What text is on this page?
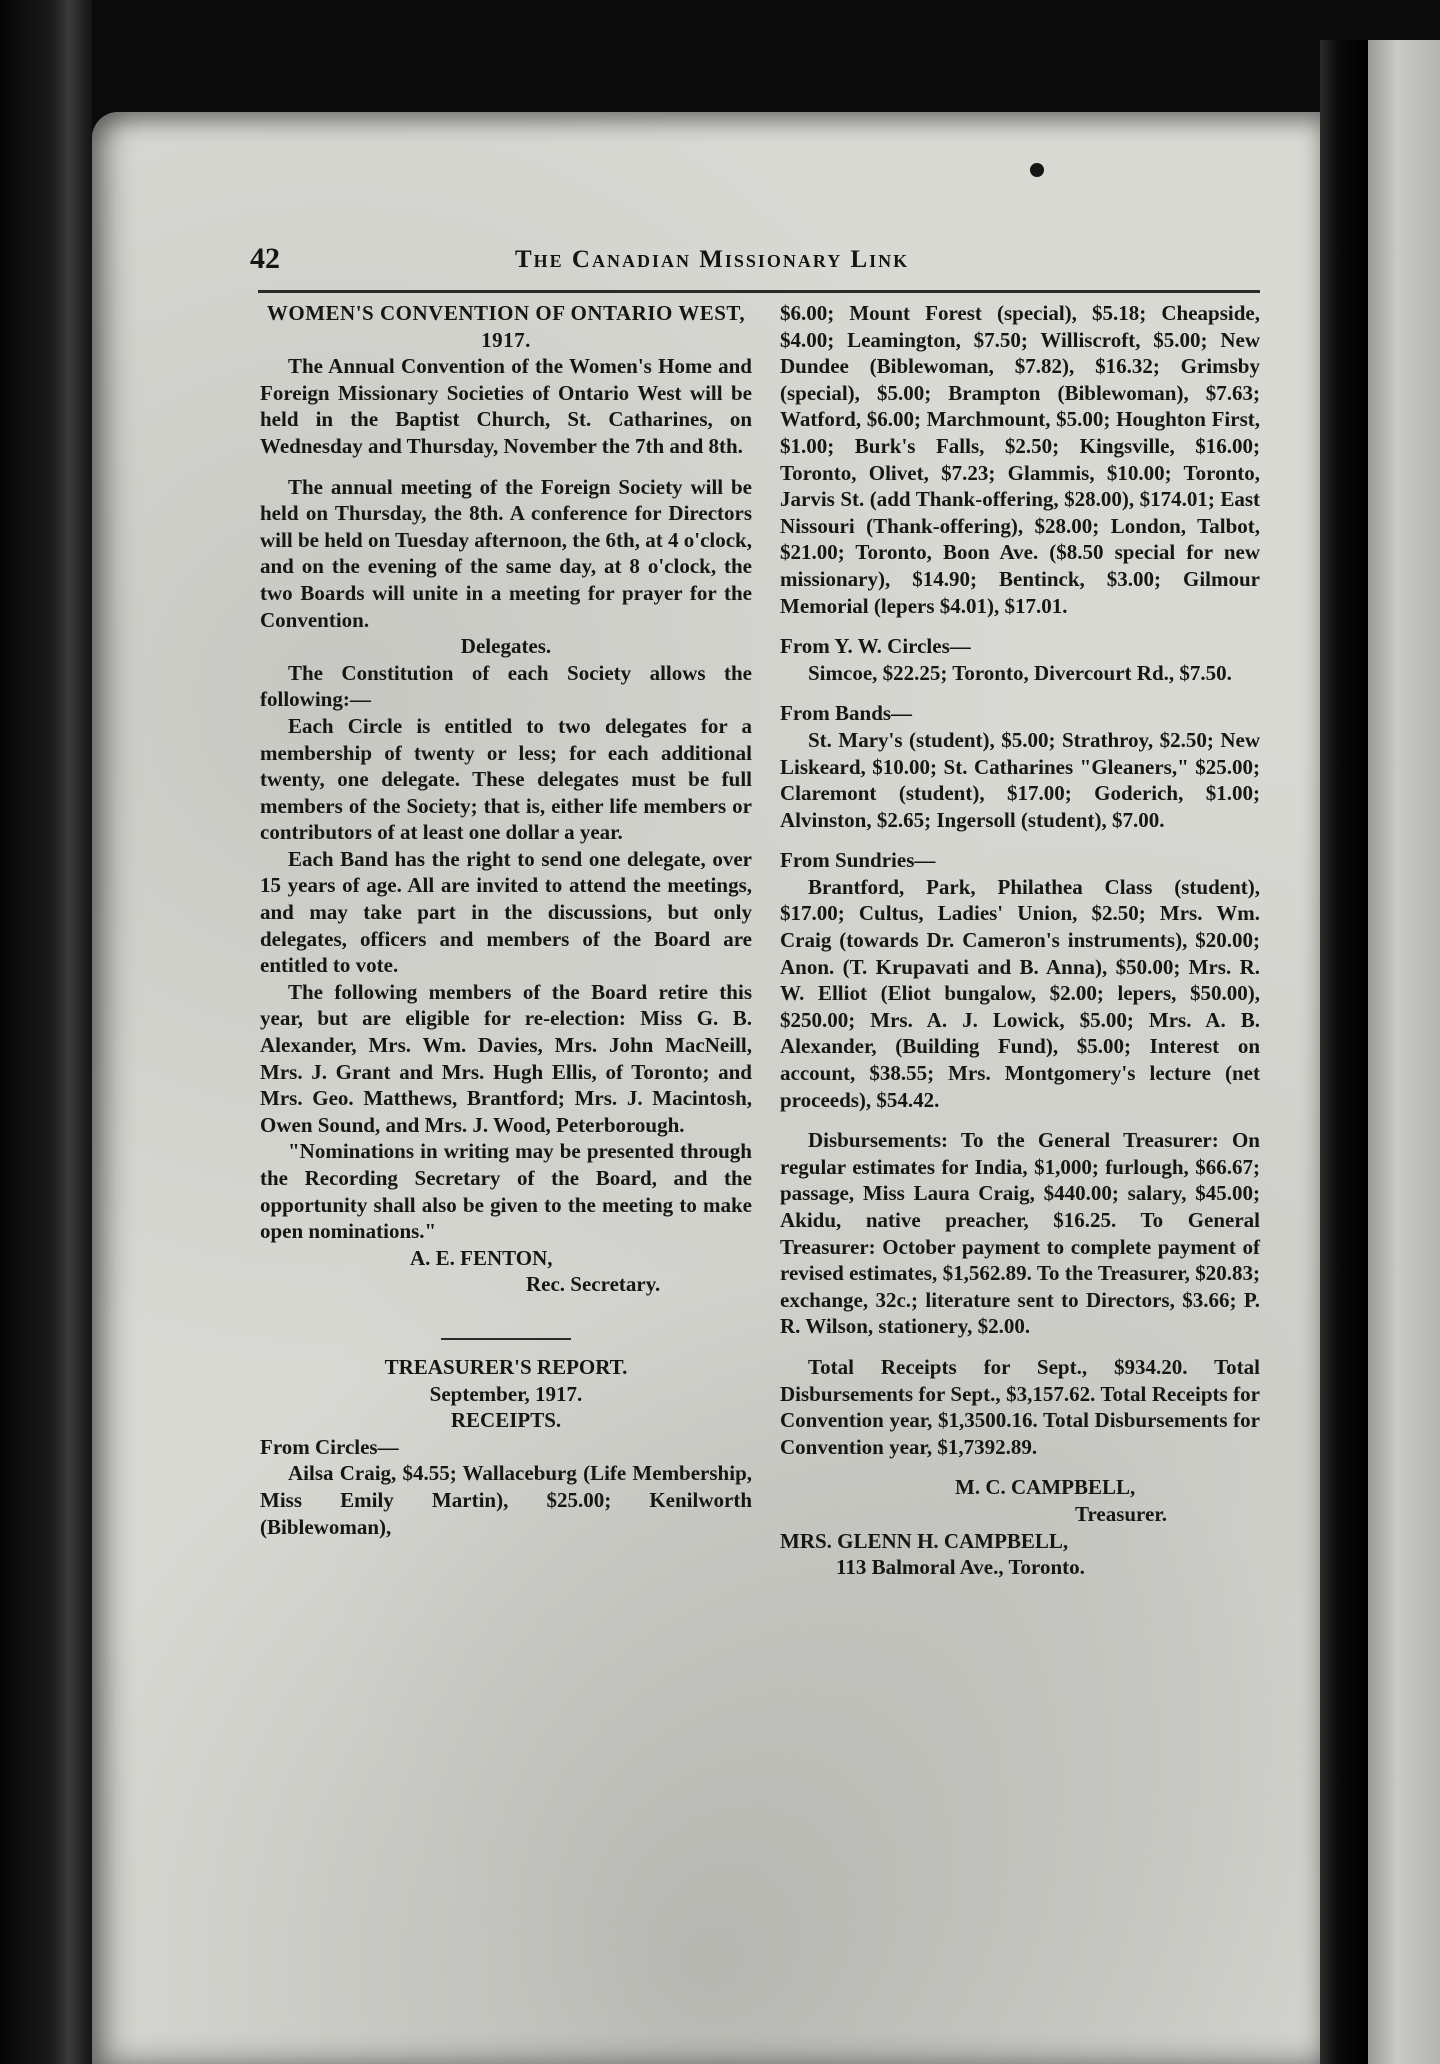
42	The Canadian Missionary Link

WOMEN'S CONVENTION OF ONTARIO WEST, 1917.

The Annual Convention of the Women's Home and Foreign Missionary Societies of Ontario West will be held in the Baptist Church, St. Catharines, on Wednesday and Thursday, November the 7th and 8th.

The annual meeting of the Foreign Society will be held on Thursday, the 8th. A conference for Directors will be held on Tuesday afternoon, the 6th, at 4 o'clock, and on the evening of the same day, at 8 o'clock, the two Boards will unite in a meeting for prayer for the Convention.

Delegates.

The Constitution of each Society allows the following:—

Each Circle is entitled to two delegates for a membership of twenty or less; for each additional twenty, one delegate. These delegates must be full members of the Society; that is, either life members or contributors of at least one dollar a year.

Each Band has the right to send one delegate, over 15 years of age. All are invited to attend the meetings, and may take part in the discussions, but only delegates, officers and members of the Board are entitled to vote.

The following members of the Board retire this year, but are eligible for re-election: Miss G. B. Alexander, Mrs. Wm. Davies, Mrs. John MacNeill, Mrs. J. Grant and Mrs. Hugh Ellis, of Toronto; and Mrs. Geo. Matthews, Brantford; Mrs. J. Macintosh, Owen Sound, and Mrs. J. Wood, Peterborough.

"Nominations in writing may be presented through the Recording Secretary of the Board, and the opportunity shall also be given to the meeting to make open nominations."

A. E. FENTON,

Rec. Secretary.

TREASURER'S REPORT.

September, 1917.

RECEIPTS.

From Circles—

Ailsa Craig, $4.55; Wallaceburg (Life Membership, Miss Emily Martin), $25.00; Kenilworth (Biblewoman),

$6.00; Mount Forest (special), $5.18; Cheapside, $4.00; Leamington, $7.50; Williscroft, $5.00; New Dundee (Biblewoman, $7.82), $16.32; Grimsby (special), $5.00; Brampton (Biblewoman), $7.63; Watford, $6.00; Marchmount, $5.00; Houghton First, $1.00; Burk's Falls, $2.50; Kingsville, $16.00; Toronto, Olivet, $7.23; Glammis, $10.00; Toronto, Jarvis St. (add Thank-offering, $28.00), $174.01; East Nissouri (Thank-offering), $28.00; London, Talbot, $21.00; Toronto, Boon Ave. ($8.50 special for new missionary), $14.90; Bentinck, $3.00; Gilmour Memorial (lepers $4.01), $17.01.

From Y. W. Circles—

Simcoe, $22.25; Toronto, Divercourt Rd., $7.50.

From Bands—

St. Mary's (student), $5.00; Strathroy, $2.50; New Liskeard, $10.00; St. Catharines "Gleaners," $25.00; Claremont (student), $17.00; Goderich, $1.00; Alvinston, $2.65; Ingersoll (student), $7.00.

From Sundries—

Brantford, Park, Philathea Class (student), $17.00; Cultus, Ladies' Union, $2.50; Mrs. Wm. Craig (towards Dr. Cameron's instruments), $20.00; Anon. (T. Krupavati and B. Anna), $50.00; Mrs. R. W. Elliot (Eliot bungalow, $2.00; lepers, $50.00), $250.00; Mrs. A. J. Lowick, $5.00; Mrs. A. B. Alexander, (Building Fund), $5.00; Interest on account, $38.55; Mrs. Montgomery's lecture (net proceeds), $54.42.

Disbursements: To the General Treasurer: On regular estimates for India, $1,000; furlough, $66.67; passage, Miss Laura Craig, $440.00; salary, $45.00; Akidu, native preacher, $16.25. To General Treasurer: October payment to complete payment of revised estimates, $1,562.89. To the Treasurer, $20.83; exchange, 32c.; literature sent to Directors, $3.66; P. R. Wilson, stationery, $2.00.

Total Receipts for Sept., $934.20. Total Disbursements for Sept., $3,157.62. Total Receipts for Convention year, $1,3500.16. Total Disbursements for Convention year, $1,7392.89.

M. C. CAMPBELL,

Treasurer.

MRS. GLENN H. CAMPBELL,

113 Balmoral Ave., Toronto.
